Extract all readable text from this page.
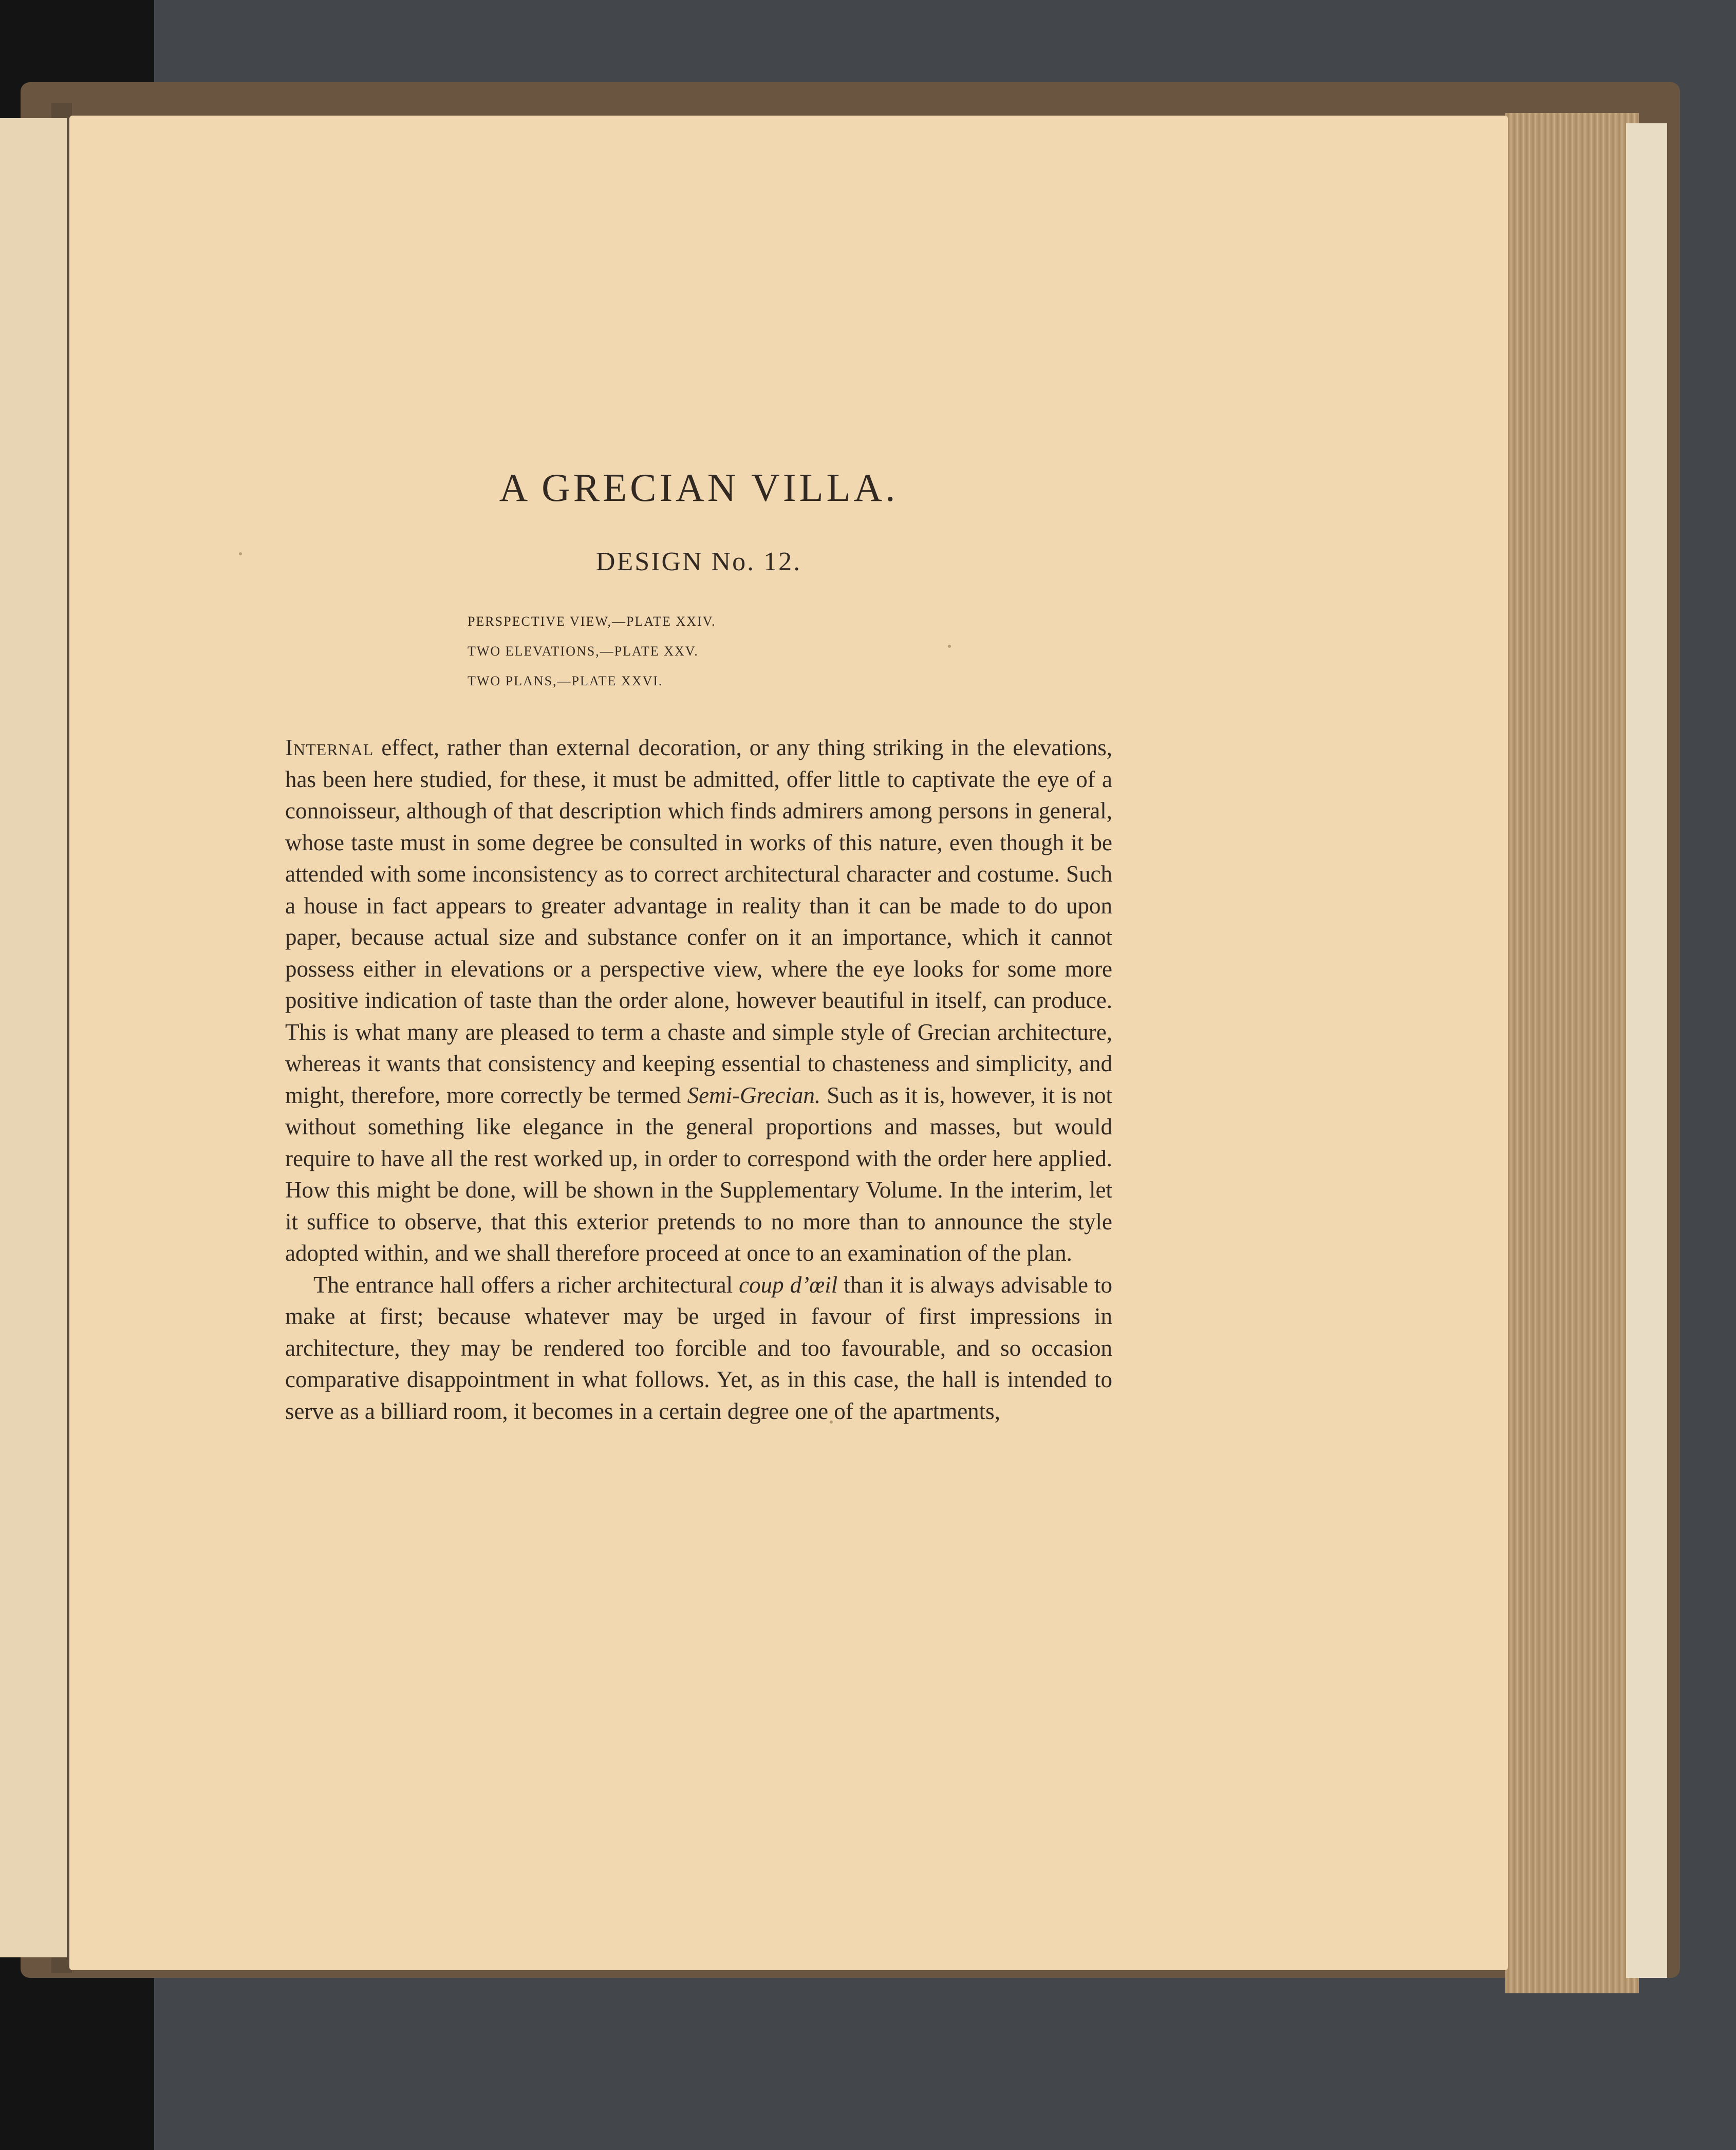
A GRECIAN VILLA.
DESIGN No. 12.
PERSPECTIVE VIEW,—PLATE XXIV.
TWO ELEVATIONS,—PLATE XXV.
TWO PLANS,—PLATE XXVI.

Internal effect, rather than external decoration, or any thing striking in the elevations, has been here studied, for these, it must be admitted, offer little to captivate the eye of a connoisseur, although of that description which finds admirers among persons in general, whose taste must in some degree be consulted in works of this nature, even though it be attended with some inconsistency as to correct architectural character and costume. Such a house in fact appears to greater advantage in reality than it can be made to do upon paper, because actual size and substance confer on it an importance, which it cannot possess either in elevations or a perspective view, where the eye looks for some more positive indication of taste than the order alone, however beautiful in itself, can produce. This is what many are pleased to term a chaste and simple style of Grecian architecture, whereas it wants that consistency and keeping essential to chasteness and simplicity, and might, therefore, more correctly be termed Semi-Grecian. Such as it is, however, it is not without something like elegance in the general proportions and masses, but would require to have all the rest worked up, in order to correspond with the order here applied. How this might be done, will be shown in the Supplementary Volume. In the interim, let it suffice to observe, that this exterior pretends to no more than to announce the style adopted within, and we shall therefore proceed at once to an examination of the plan.

The entrance hall offers a richer architectural coup d’œil than it is always advisable to make at first; because whatever may be urged in favour of first impressions in architecture, they may be rendered too forcible and too favourable, and so occasion comparative disappointment in what follows. Yet, as in this case, the hall is intended to serve as a billiard room, it becomes in a certain degree one of the apartments,
